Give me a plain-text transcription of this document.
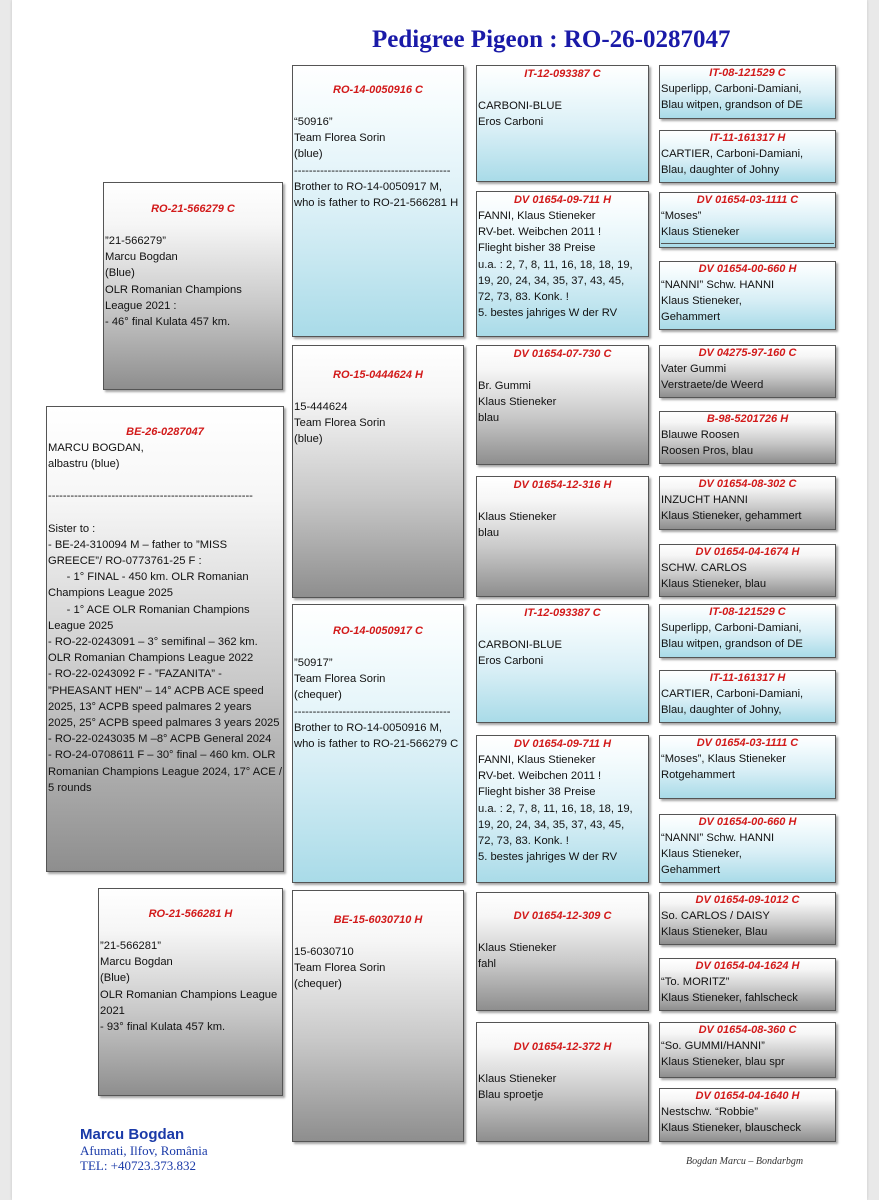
Pedigree Pigeon : RO-26-0287047
BE-26-0287047
MARCU BOGDAN,
albastru (blue)
-------------------------------------------------------
Sister to :
- BE-24-310094 M – father to ”MISS GREECE”/ RO-0773761-25 F :
- 1° FINAL - 450 km. OLR Romanian Champions League 2025
- 1° ACE OLR Romanian Champions League 2025
- RO-22-0243091 – 3° semifinal – 362 km. OLR Romanian Champions League 2022
- RO-22-0243092 F - ”FAZANITA” - ”PHEASANT HEN” – 14° ACPB ACE speed 2025, 13° ACPB speed palmares 2 years 2025, 25° ACPB speed palmares 3 years 2025
- RO-22-0243035 M –8° ACPB General 2024
- RO-24-0708611 F – 30° final – 460 km. OLR Romanian Champions League 2024, 17° ACE / 5 rounds
RO-21-566279 C
”21-566279”
Marcu Bogdan
(Blue)
OLR Romanian Champions League 2021 :
- 46° final Kulata 457 km.
RO-21-566281 H
”21-566281”
Marcu Bogdan
(Blue)
OLR Romanian Champions League 2021
- 93° final Kulata 457 km.
RO-14-0050916 C
“50916”
Team Florea Sorin
(blue)
------------------------------------------
Brother to RO-14-0050917 M, who is father to RO-21-566281 H
RO-15-0444624 H
15-444624
Team Florea Sorin
(blue)
RO-14-0050917 C
”50917”
Team Florea Sorin
(chequer)
------------------------------------------
Brother to RO-14-0050916 M, who is father to RO-21-566279 C
BE-15-6030710 H
15-6030710
Team Florea Sorin
(chequer)
IT-12-093387 C
CARBONI-BLUE
Eros Carboni
DV 01654-09-711 H
FANNI, Klaus Stieneker
RV-bet. Weibchen 2011 !
Flieght bisher 38 Preise
u.a. : 2, 7, 8, 11, 16, 18, 18, 19,
19, 20, 24, 34, 35, 37, 43, 45,
72, 73, 83. Konk. !
5. bestes jahriges W der RV
DV 01654-07-730 C
Br. Gummi
Klaus Stieneker
blau
DV 01654-12-316 H
Klaus Stieneker
blau
IT-12-093387 C
CARBONI-BLUE
Eros Carboni
DV 01654-09-711 H
FANNI, Klaus Stieneker
RV-bet. Weibchen 2011 !
Flieght bisher 38 Preise
u.a. : 2, 7, 8, 11, 16, 18, 18, 19,
19, 20, 24, 34, 35, 37, 43, 45,
72, 73, 83. Konk. !
5. bestes jahriges W der RV
DV 01654-12-309 C
Klaus Stieneker
fahl
DV 01654-12-372 H
Klaus Stieneker
Blau sproetje
IT-08-121529 C
Superlipp, Carboni-Damiani,
Blau witpen, grandson of DE
IT-11-161317 H
CARTIER, Carboni-Damiani,
Blau, daughter of Johny
DV 01654-03-1111 C
“Moses”
Klaus Stieneker
DV 01654-00-660 H
“NANNI” Schw. HANNI
Klaus Stieneker,
Gehammert
DV 04275-97-160 C
Vater Gummi
Verstraete/de Weerd
B-98-5201726 H
Blauwe Roosen
Roosen Pros, blau
DV 01654-08-302 C
INZUCHT HANNI
Klaus Stieneker, gehammert
DV 01654-04-1674 H
SCHW. CARLOS
Klaus Stieneker, blau
IT-08-121529 C
Superlipp, Carboni-Damiani,
Blau witpen, grandson of DE
IT-11-161317 H
CARTIER, Carboni-Damiani,
Blau, daughter of Johny,
DV 01654-03-1111 C
“Moses”, Klaus Stieneker
Rotgehammert
DV 01654-00-660 H
“NANNI” Schw. HANNI
Klaus Stieneker,
Gehammert
DV 01654-09-1012 C
So. CARLOS / DAISY
Klaus Stieneker, Blau
DV 01654-04-1624 H
“To. MORITZ”
Klaus Stieneker, fahlscheck
DV 01654-08-360 C
“So. GUMMI/HANNI”
Klaus Stieneker, blau spr
DV 01654-04-1640 H
Nestschw. “Robbie”
Klaus Stieneker, blauscheck
Marcu Bogdan
Afumati, Ilfov, România
TEL: +40723.373.832	Bogdan Marcu – Bondarbgm
